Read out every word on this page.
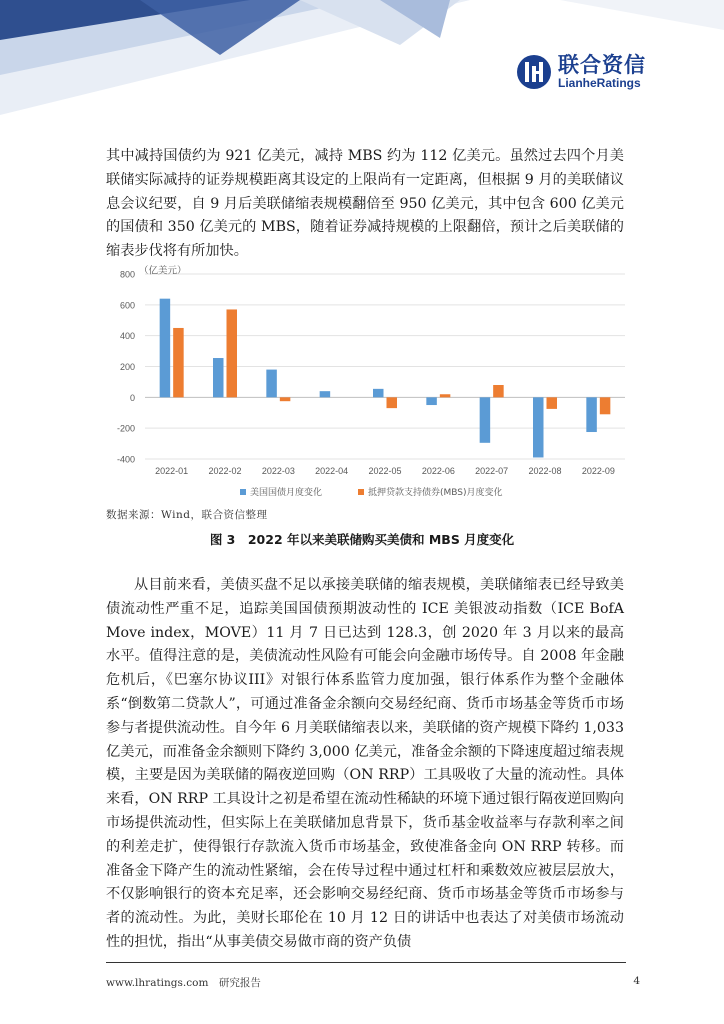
联合资信
LianheRatings

其中减持国债约为 921 亿美元，减持 MBS 约为 112 亿美元。虽然过去四个月美联储实际减持的证券规模距离其设定的上限尚有一定距离，但根据 9 月的美联储议息会议纪要，自 9 月后美联储缩表规模翻倍至 950 亿美元，其中包含 600 亿美元的国债和 350 亿美元的 MBS，随着证券减持规模的上限翻倍，预计之后美联储的缩表步伐将有所加快。

800
600
400
200
0
-200
-400
（亿美元）
2022-01 2022-02 2022-03 2022-04 2022-05 2022-06 2022-07 2022-08 2022-09
美国国债月度变化	抵押贷款支持债券(MBS)月度变化
数据来源：Wind，联合资信整理
图 3　2022 年以来美联储购买美债和 MBS 月度变化

从目前来看，美债买盘不足以承接美联储的缩表规模，美联储缩表已经导致美债流动性严重不足，追踪美国国债预期波动性的 ICE 美银波动指数（ICE BofA Move index，MOVE）11 月 7 日已达到 128.3，创 2020 年 3 月以来的最高水平。值得注意的是，美债流动性风险有可能会向金融市场传导。自 2008 年金融危机后，《巴塞尔协议III》对银行体系监管力度加强，银行体系作为整个金融体系“倒数第二贷款人”，可通过准备金余额向交易经纪商、货币市场基金等货币市场参与者提供流动性。自今年 6 月美联储缩表以来，美联储的资产规模下降约 1,033 亿美元，而准备金余额则下降约 3,000 亿美元，准备金余额的下降速度超过缩表规模，主要是因为美联储的隔夜逆回购（ON RRP）工具吸收了大量的流动性。具体来看，ON RRP 工具设计之初是希望在流动性稀缺的环境下通过银行隔夜逆回购向市场提供流动性，但实际上在美联储加息背景下，货币基金收益率与存款利率之间的利差走扩，使得银行存款流入货币市场基金，致使准备金向 ON RRP 转移。而准备金下降产生的流动性紧缩，会在传导过程中通过杠杆和乘数效应被层层放大，不仅影响银行的资本充足率，还会影响交易经纪商、货币市场基金等货币市场参与者的流动性。为此，美财长耶伦在 10 月 12 日的讲话中也表达了对美债市场流动性的担忧，指出“从事美债交易做市商的资产负债

www.lhratings.com　研究报告	4
